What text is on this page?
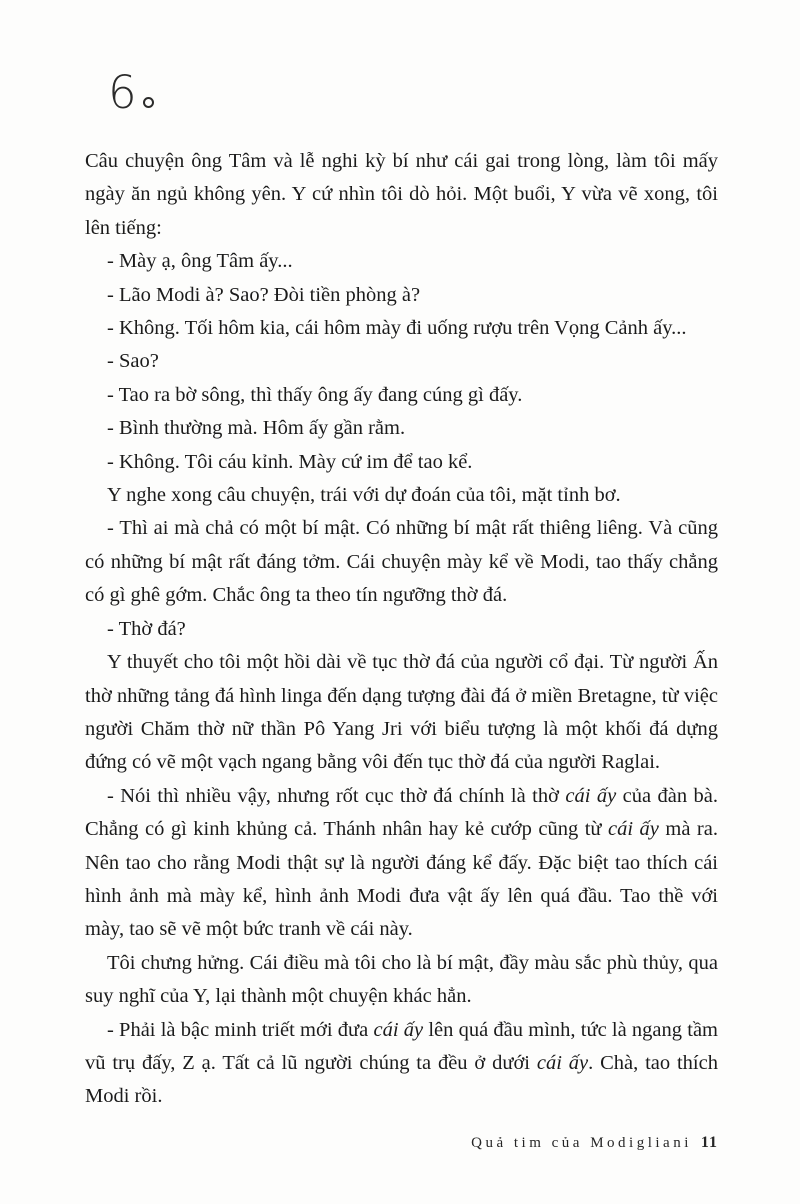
6

Câu chuyện ông Tâm và lễ nghi kỳ bí như cái gai trong lòng, làm tôi mấy ngày ăn ngủ không yên. Y cứ nhìn tôi dò hỏi. Một buổi, Y vừa vẽ xong, tôi lên tiếng:

- Mày ạ, ông Tâm ấy...

- Lão Modi à? Sao? Đòi tiền phòng à?

- Không. Tối hôm kia, cái hôm mày đi uống rượu trên Vọng Cảnh ấy...

- Sao?

- Tao ra bờ sông, thì thấy ông ấy đang cúng gì đấy.

- Bình thường mà. Hôm ấy gần rằm.

- Không. Tôi cáu kỉnh. Mày cứ im để tao kể.

Y nghe xong câu chuyện, trái với dự đoán của tôi, mặt tỉnh bơ.

- Thì ai mà chả có một bí mật. Có những bí mật rất thiêng liêng. Và cũng có những bí mật rất đáng tởm. Cái chuyện mày kể về Modi, tao thấy chẳng có gì ghê gớm. Chắc ông ta theo tín ngưỡng thờ đá.

- Thờ đá?

Y thuyết cho tôi một hồi dài về tục thờ đá của người cổ đại. Từ người Ấn thờ những tảng đá hình linga đến dạng tượng đài đá ở miền Bretagne, từ việc người Chăm thờ nữ thần Pô Yang Jri với biểu tượng là một khối đá dựng đứng có vẽ một vạch ngang bằng vôi đến tục thờ đá của người Raglai.

- Nói thì nhiều vậy, nhưng rốt cục thờ đá chính là thờ cái ấy của đàn bà. Chẳng có gì kinh khủng cả. Thánh nhân hay kẻ cướp cũng từ cái ấy mà ra. Nên tao cho rằng Modi thật sự là người đáng kể đấy. Đặc biệt tao thích cái hình ảnh mà mày kể, hình ảnh Modi đưa vật ấy lên quá đầu. Tao thề với mày, tao sẽ vẽ một bức tranh về cái này.

Tôi chưng hửng. Cái điều mà tôi cho là bí mật, đầy màu sắc phù thủy, qua suy nghĩ của Y, lại thành một chuyện khác hẳn.

- Phải là bậc minh triết mới đưa cái ấy lên quá đầu mình, tức là ngang tầm vũ trụ đấy, Z ạ. Tất cả lũ người chúng ta đều ở dưới cái ấy. Chà, tao thích Modi rồi.

Quả tim của Modigliani 11
